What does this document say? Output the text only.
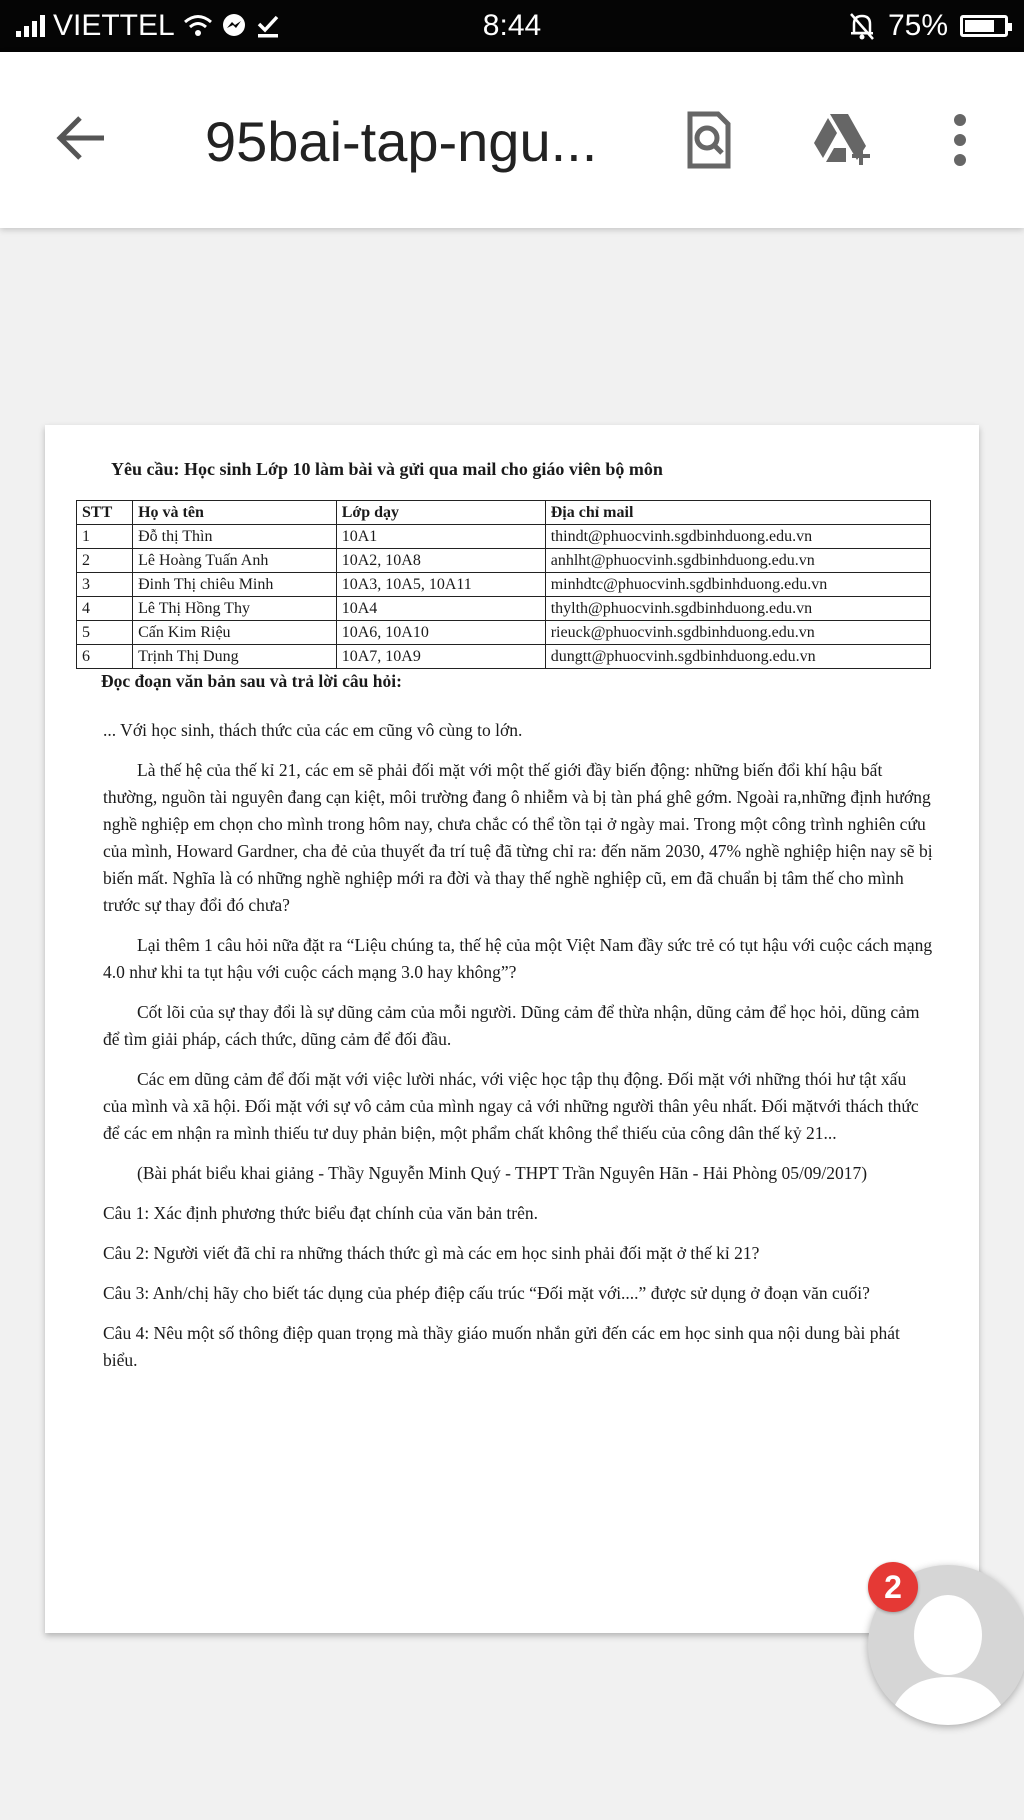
VIETTEL	8:44	75%
95bai-tap-ngu...
Yêu cầu: Học sinh Lớp 10 làm bài và gửi qua mail cho giáo viên bộ môn
STT	Họ và tên	Lớp dạy	Địa chỉ mail
1	Đỗ thị Thìn	10A1	thindt@phuocvinh.sgdbinhduong.edu.vn
2	Lê Hoàng Tuấn Anh	10A2, 10A8	anhlht@phuocvinh.sgdbinhduong.edu.vn
3	Đinh Thị chiêu Minh	10A3, 10A5, 10A11	minhdtc@phuocvinh.sgdbinhduong.edu.vn
4	Lê Thị Hồng Thy	10A4	thylth@phuocvinh.sgdbinhduong.edu.vn
5	Cấn Kim Riệu	10A6, 10A10	rieuck@phuocvinh.sgdbinhduong.edu.vn
6	Trịnh Thị Dung	10A7, 10A9	dungtt@phuocvinh.sgdbinhduong.edu.vn

Đọc đoạn văn bản sau và trả lời câu hỏi:

... Với học sinh, thách thức của các em cũng vô cùng to lớn.

Là thế hệ của thế kỉ 21, các em sẽ phải đối mặt với một thế giới đầy biến động: những biến đổi khí hậu bất thường, nguồn tài nguyên đang cạn kiệt, môi trường đang ô nhiễm và bị tàn phá ghê gớm. Ngoài ra,những định hướng nghề nghiệp em chọn cho mình trong hôm nay, chưa chắc có thể tồn tại ở ngày mai. Trong một công trình nghiên cứu của mình, Howard Gardner, cha đẻ của thuyết đa trí tuệ đã từng chỉ ra: đến năm 2030, 47% nghề nghiệp hiện nay sẽ bị biến mất. Nghĩa là có những nghề nghiệp mới ra đời và thay thế nghề nghiệp cũ, em đã chuẩn bị tâm thế cho mình trước sự thay đổi đó chưa?

Lại thêm 1 câu hỏi nữa đặt ra “Liệu chúng ta, thế hệ của một Việt Nam đầy sức trẻ có tụt hậu với cuộc cách mạng 4.0 như khi ta tụt hậu với cuộc cách mạng 3.0 hay không”?

Cốt lõi của sự thay đổi là sự dũng cảm của mỗi người. Dũng cảm để thừa nhận, dũng cảm để học hỏi, dũng cảm để tìm giải pháp, cách thức, dũng cảm để đối đầu.

Các em dũng cảm để đối mặt với việc lười nhác, với việc học tập thụ động. Đối mặt với những thói hư tật xấu của mình và xã hội. Đối mặt với sự vô cảm của mình ngay cả với những người thân yêu nhất. Đối mặtvới thách thức để các em nhận ra mình thiếu tư duy phản biện, một phẩm chất không thể thiếu của công dân thế kỷ 21...

(Bài phát biểu khai giảng - Thầy Nguyễn Minh Quý - THPT Trần Nguyên Hãn - Hải Phòng 05/09/2017)

Câu 1: Xác định phương thức biểu đạt chính của văn bản trên.

Câu 2: Người viết đã chỉ ra những thách thức gì mà các em học sinh phải đối mặt ở thế kỉ 21?

Câu 3: Anh/chị hãy cho biết tác dụng của phép điệp cấu trúc “Đối mặt với....” được sử dụng ở đoạn văn cuối?

Câu 4: Nêu một số thông điệp quan trọng mà thầy giáo muốn nhắn gửi đến các em học sinh qua nội dung bài phát biểu.

2
